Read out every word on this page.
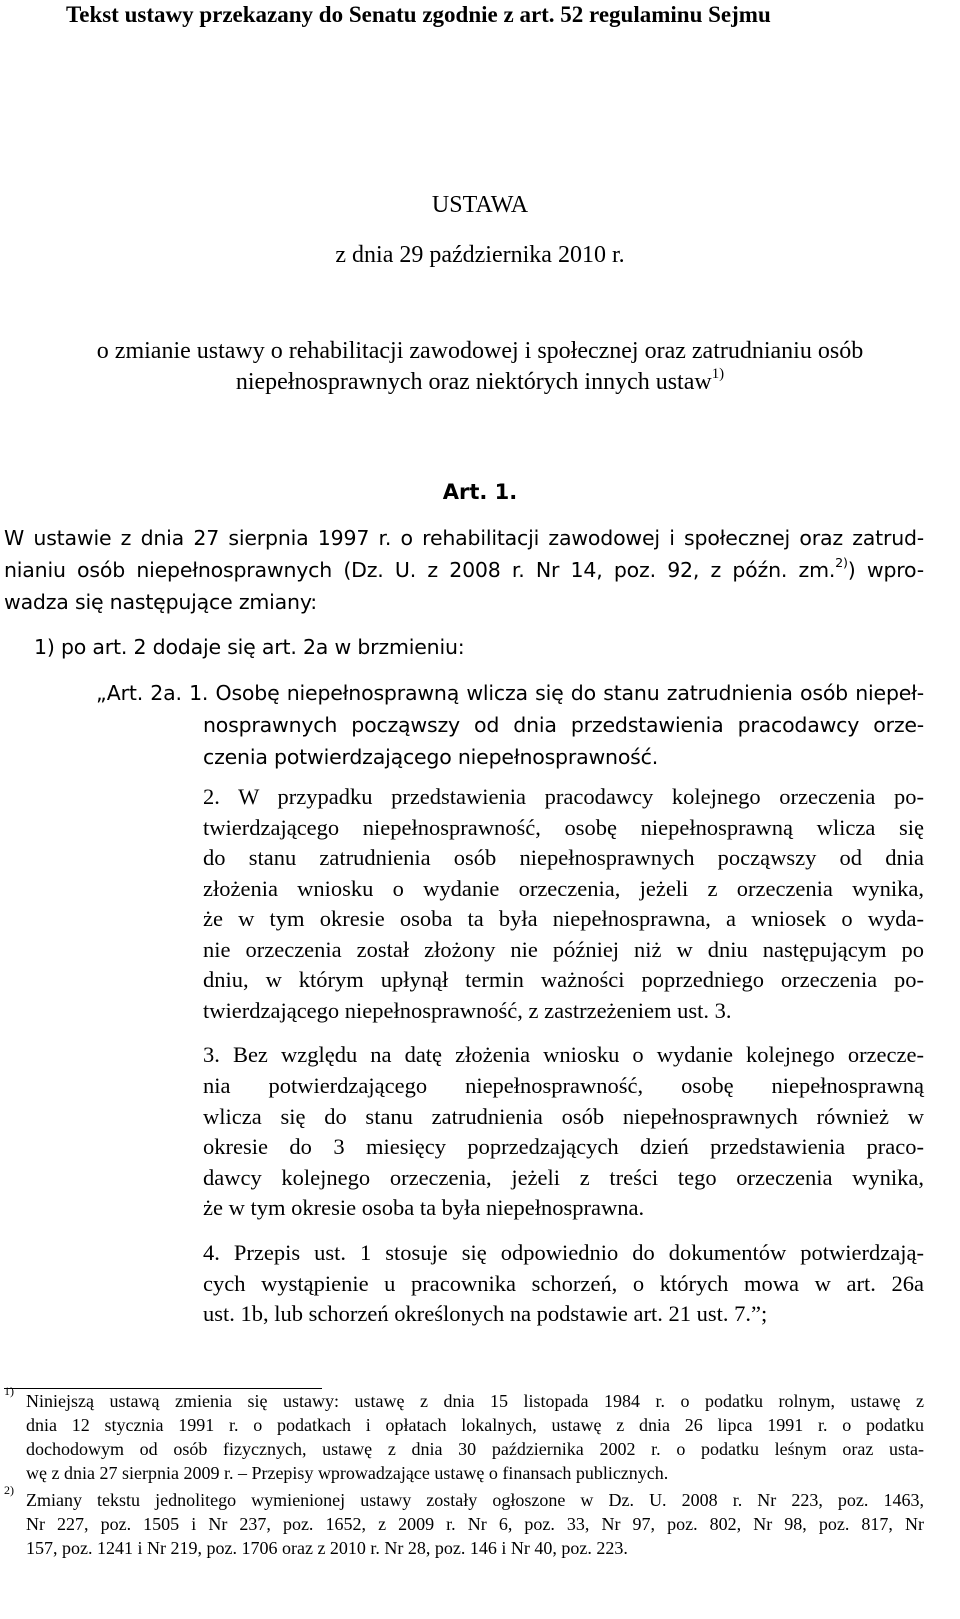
Tekst ustawy przekazany do Senatu zgodnie z art. 52 regulaminu Sejmu
USTAWA
z dnia 29 października 2010 r.
o zmianie ustawy o rehabilitacji zawodowej i społecznej oraz zatrudnianiu osób
niepełnosprawnych oraz niektórych innych ustaw$^{1)}$
Art. 1.
W ustawie z dnia 27 sierpnia 1997 r. o rehabilitacji zawodowej i społecznej oraz zatrud-
nianiu osób niepełnosprawnych (Dz. U. z 2008 r. Nr 14, poz. 92, z późn. zm.$^{2)}$) wpro-
wadza się następujące zmiany:
1) po art. 2 dodaje się art. 2a w brzmieniu:
„Art. 2a. 1. Osobę niepełnosprawną wlicza się do stanu zatrudnienia osób niepeł-
nosprawnych począwszy od dnia przedstawienia pracodawcy orze-
czenia potwierdzającego niepełnosprawność.
2. W przypadku przedstawienia pracodawcy kolejnego orzeczenia po-
twierdzającego niepełnosprawność, osobę niepełnosprawną wlicza się
do stanu zatrudnienia osób niepełnosprawnych począwszy od dnia
złożenia wniosku o wydanie orzeczenia, jeżeli z orzeczenia wynika,
że w tym okresie osoba ta była niepełnosprawna, a wniosek o wyda-
nie orzeczenia został złożony nie później niż w dniu następującym po
dniu, w którym upłynął termin ważności poprzedniego orzeczenia po-
twierdzającego niepełnosprawność, z zastrzeżeniem ust. 3.
3. Bez względu na datę złożenia wniosku o wydanie kolejnego orzecze-
nia potwierdzającego niepełnosprawność, osobę niepełnosprawną
wlicza się do stanu zatrudnienia osób niepełnosprawnych również w
okresie do 3 miesięcy poprzedzających dzień przedstawienia praco-
dawcy kolejnego orzeczenia, jeżeli z treści tego orzeczenia wynika,
że w tym okresie osoba ta była niepełnosprawna.
4. Przepis ust. 1 stosuje się odpowiednio do dokumentów potwierdzają-
cych wystąpienie u pracownika schorzeń, o których mowa w art. 26a
ust. 1b, lub schorzeń określonych na podstawie art. 21 ust. 7.”;
1) Niniejszą ustawą zmienia się ustawy: ustawę z dnia 15 listopada 1984 r. o podatku rolnym, ustawę z
dnia 12 stycznia 1991 r. o podatkach i opłatach lokalnych, ustawę z dnia 26 lipca 1991 r. o podatku
dochodowym od osób fizycznych, ustawę z dnia 30 października 2002 r. o podatku leśnym oraz usta-
wę z dnia 27 sierpnia 2009 r. – Przepisy wprowadzające ustawę o finansach publicznych.
2) Zmiany tekstu jednolitego wymienionej ustawy zostały ogłoszone w Dz. U. 2008 r. Nr 223, poz. 1463,
Nr 227, poz. 1505 i Nr 237, poz. 1652, z 2009 r. Nr 6, poz. 33, Nr 97, poz. 802, Nr 98, poz. 817, Nr
157, poz. 1241 i Nr 219, poz. 1706 oraz z 2010 r. Nr 28, poz. 146 i Nr 40, poz. 223.
